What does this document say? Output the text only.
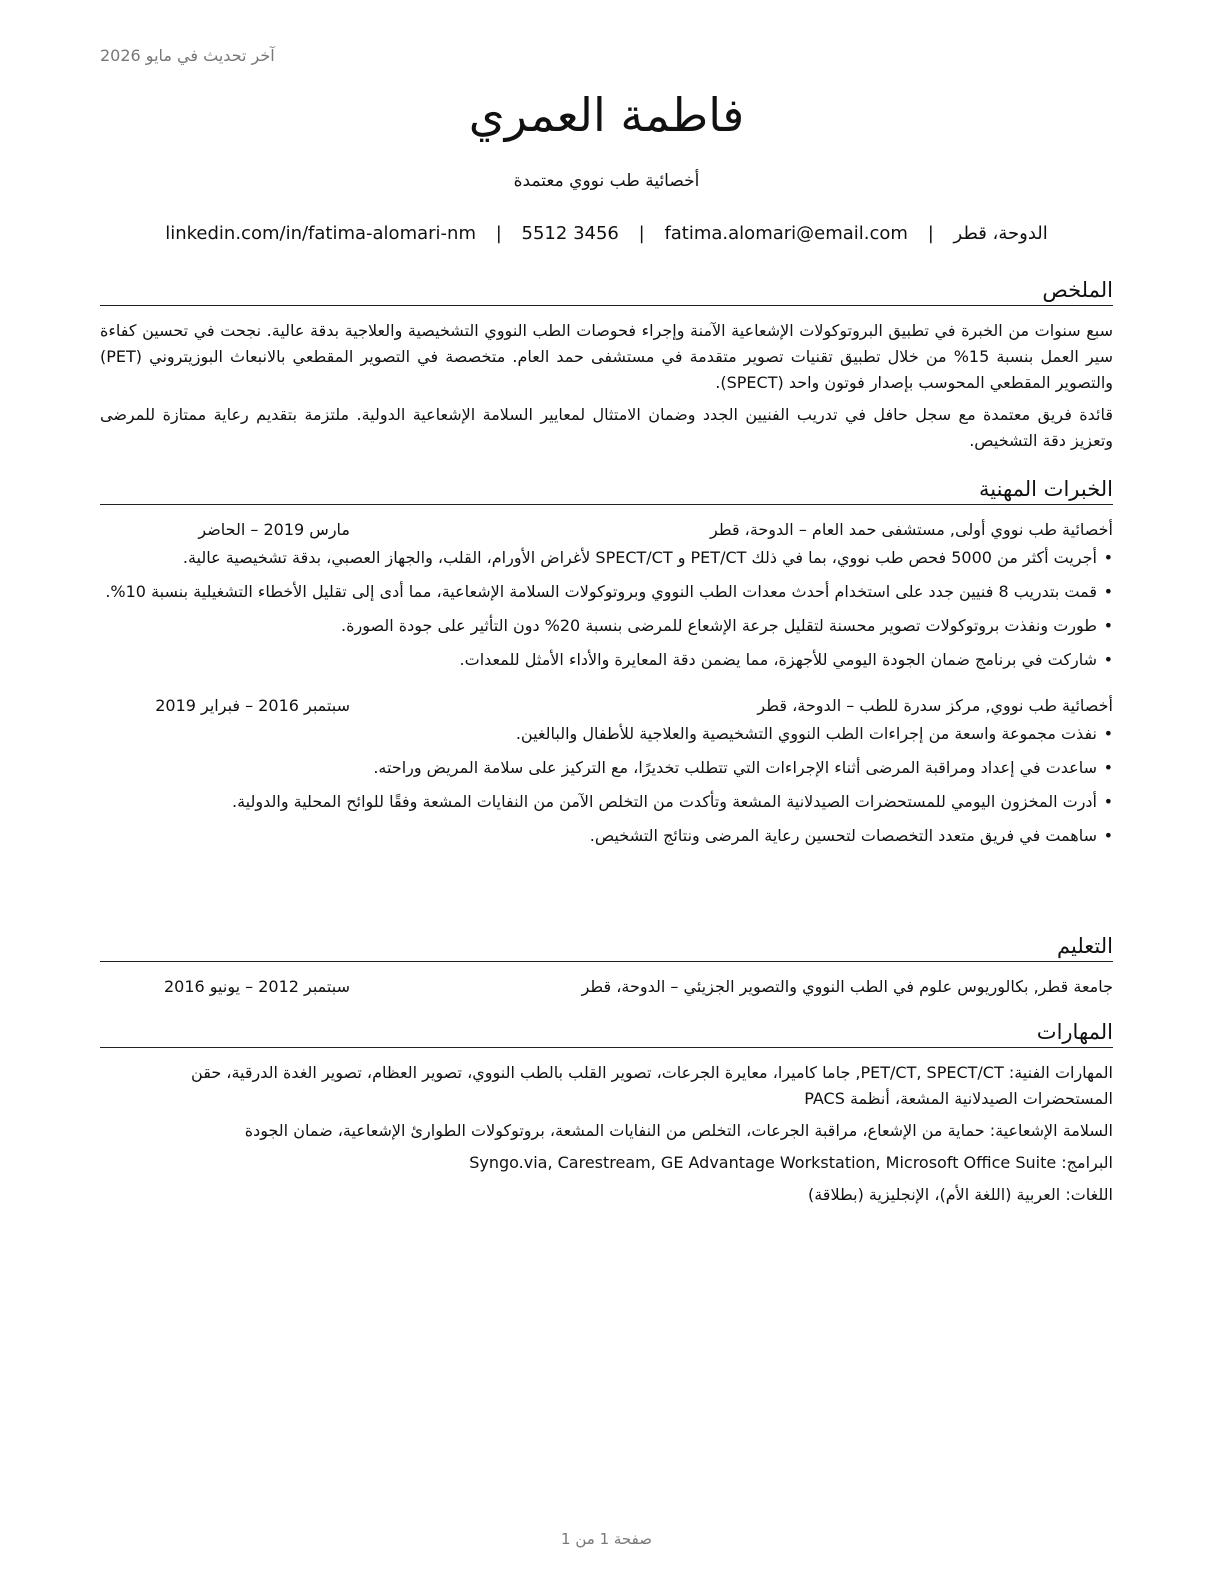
آخر تحديث في مايو 2026
فاطمة العمري
أخصائية طب نووي معتمدة
الدوحة، قطر | fatima.alomari@email.com | 3456 5512 | linkedin.com/in/fatima-alomari-nm
الملخص

سبع سنوات من الخبرة في تطبيق البروتوكولات الإشعاعية الآمنة وإجراء فحوصات الطب النووي التشخيصية والعلاجية بدقة عالية. نجحت في تحسين كفاءة سير العمل بنسبة 15% من خلال تطبيق تقنيات تصوير متقدمة في مستشفى حمد العام. متخصصة في التصوير المقطعي بالانبعاث البوزيتروني (PET) والتصوير المقطعي المحوسب بإصدار فوتون واحد (SPECT).

قائدة فريق معتمدة مع سجل حافل في تدريب الفنيين الجدد وضمان الامتثال لمعايير السلامة الإشعاعية الدولية. ملتزمة بتقديم رعاية ممتازة للمرضى وتعزيز دقة التشخيص.

الخبرات المهنية
أخصائية طب نووي أولى, مستشفى حمد العام – الدوحة، قطر
مارس 2019 – الحاضر
• أجريت أكثر من 5000 فحص طب نووي، بما في ذلك PET/CT و SPECT/CT لأغراض الأورام، القلب، والجهاز العصبي، بدقة تشخيصية عالية.
• قمت بتدريب 8 فنيين جدد على استخدام أحدث معدات الطب النووي وبروتوكولات السلامة الإشعاعية، مما أدى إلى تقليل الأخطاء التشغيلية بنسبة 10%.
• طورت ونفذت بروتوكولات تصوير محسنة لتقليل جرعة الإشعاع للمرضى بنسبة 20% دون التأثير على جودة الصورة.
• شاركت في برنامج ضمان الجودة اليومي للأجهزة، مما يضمن دقة المعايرة والأداء الأمثل للمعدات.
أخصائية طب نووي, مركز سدرة للطب – الدوحة، قطر
سبتمبر 2016 – فبراير 2019
• نفذت مجموعة واسعة من إجراءات الطب النووي التشخيصية والعلاجية للأطفال والبالغين.
• ساعدت في إعداد ومراقبة المرضى أثناء الإجراءات التي تتطلب تخديرًا، مع التركيز على سلامة المريض وراحته.
• أدرت المخزون اليومي للمستحضرات الصيدلانية المشعة وتأكدت من التخلص الآمن من النفايات المشعة وفقًا للوائح المحلية والدولية.
• ساهمت في فريق متعدد التخصصات لتحسين رعاية المرضى ونتائج التشخيص.
التعليم
جامعة قطر, بكالوريوس علوم في الطب النووي والتصوير الجزيئي – الدوحة، قطر
سبتمبر 2012 – يونيو 2016
المهارات
المهارات الفنية: PET/CT, SPECT/CT, جاما كاميرا، معايرة الجرعات، تصوير القلب بالطب النووي، تصوير العظام، تصوير الغدة الدرقية، حقن المستحضرات الصيدلانية المشعة، أنظمة PACS
السلامة الإشعاعية: حماية من الإشعاع، مراقبة الجرعات، التخلص من النفايات المشعة، بروتوكولات الطوارئ الإشعاعية، ضمان الجودة
البرامج: Syngo.via, Carestream, GE Advantage Workstation, Microsoft Office Suite
اللغات: العربية (اللغة الأم)، الإنجليزية (بطلاقة)
صفحة 1 من 1
